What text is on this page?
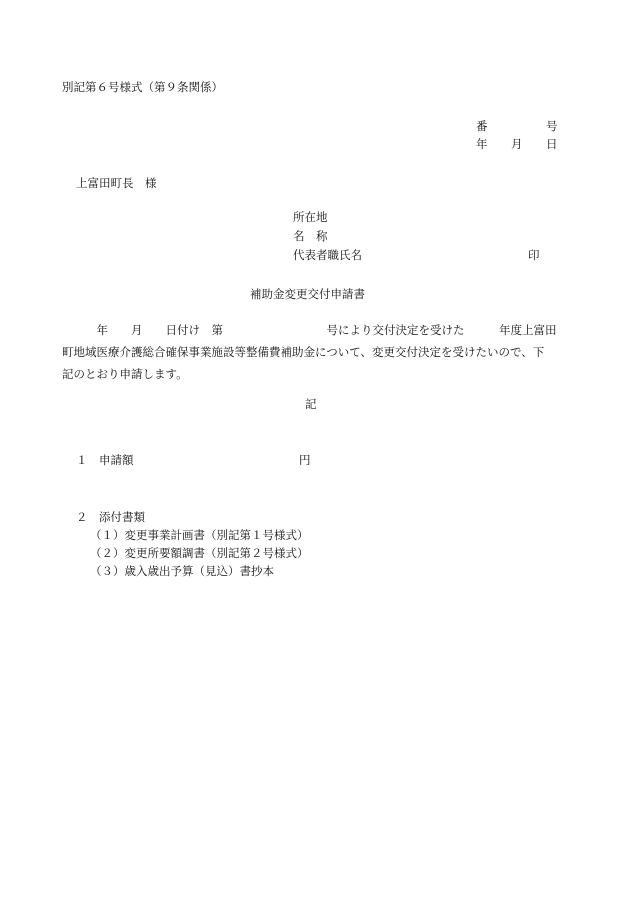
別記第６号様式（第９条関係）
番	号
年 月 日
上富田町長　様
所在地
名　称
代表者職氏名	印
補助金変更交付申請書
　　　年　　月　　日付け　第　　　　　　　　　号により交付決定を受けた　　　年度上富田
町地域医療介護総合確保事業施設等整備費補助金について、変更交付決定を受けたいので、下
記のとおり申請します。
記
１　申請額	円
２　添付書類
（１）変更事業計画書（別記第１号様式）
（２）変更所要額調書（別記第２号様式）
（３）歳入歳出予算（見込）書抄本
